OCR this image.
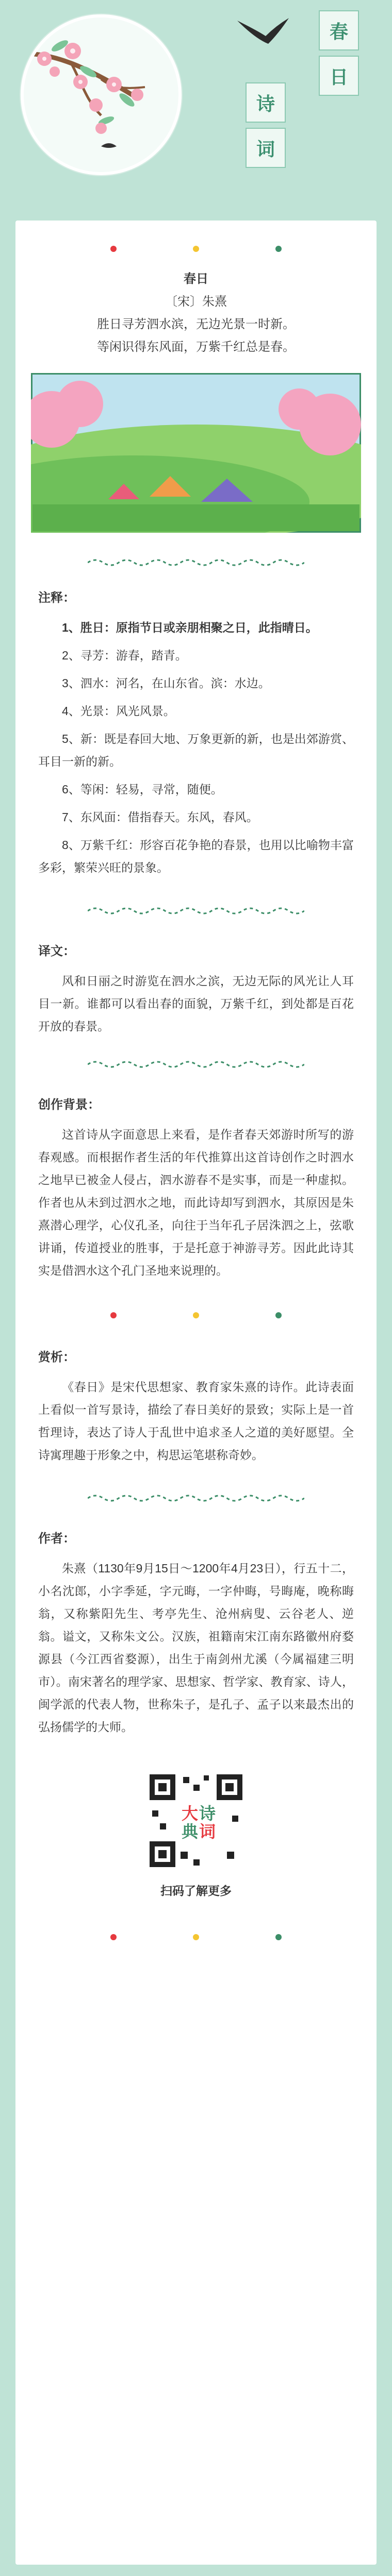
春
日
诗
词
春日
〔宋〕朱熹
胜日寻芳泗水滨，无边光景一时新。
等闲识得东风面，万紫千红总是春。
注释：

1、胜日：原指节日或亲朋相聚之日，此指晴日。

2、寻芳：游春，踏青。

3、泗水：河名，在山东省。滨：水边。

4、光景：风光风景。

5、新：既是春回大地、万象更新的新，也是出郊游赏、耳目一新的新。

6、等闲：轻易，寻常，随便。

7、东风面：借指春天。东风，春风。

8、万紫千红：形容百花争艳的春景，也用以比喻物丰富多彩，繁荣兴旺的景象。

译文：

风和日丽之时游览在泗水之滨，无边无际的风光让人耳目一新。谁都可以看出春的面貌，万紫千红，到处都是百花开放的春景。

创作背景：

这首诗从字面意思上来看，是作者春天郊游时所写的游春观感。而根据作者生活的年代推算出这首诗创作之时泗水之地早已被金人侵占，泗水游春不是实事，而是一种虚拟。作者也从未到过泗水之地，而此诗却写到泗水，其原因是朱熹潜心理学，心仪孔圣，向往于当年孔子居洙泗之上，弦歌讲诵，传道授业的胜事，于是托意于神游寻芳。因此此诗其实是借泗水这个孔门圣地来说理的。

赏析：

《春日》是宋代思想家、教育家朱熹的诗作。此诗表面上看似一首写景诗，描绘了春日美好的景致；实际上是一首哲理诗，表达了诗人于乱世中追求圣人之道的美好愿望。全诗寓理趣于形象之中，构思运笔堪称奇妙。

作者：

朱熹（1130年9月15日～1200年4月23日），行五十二，小名沈郎，小字季延，字元晦，一字仲晦，号晦庵，晚称晦翁，又称紫阳先生、考亭先生、沧州病叟、云谷老人、逆翁。谥文，又称朱文公。汉族，祖籍南宋江南东路徽州府婺源县（今江西省婺源），出生于南剑州尤溪（今属福建三明市）。南宋著名的理学家、思想家、哲学家、教育家、诗人，闽学派的代表人物，世称朱子，是孔子、孟子以来最杰出的弘扬儒学的大师。

大 诗
典 词
扫码了解更多
